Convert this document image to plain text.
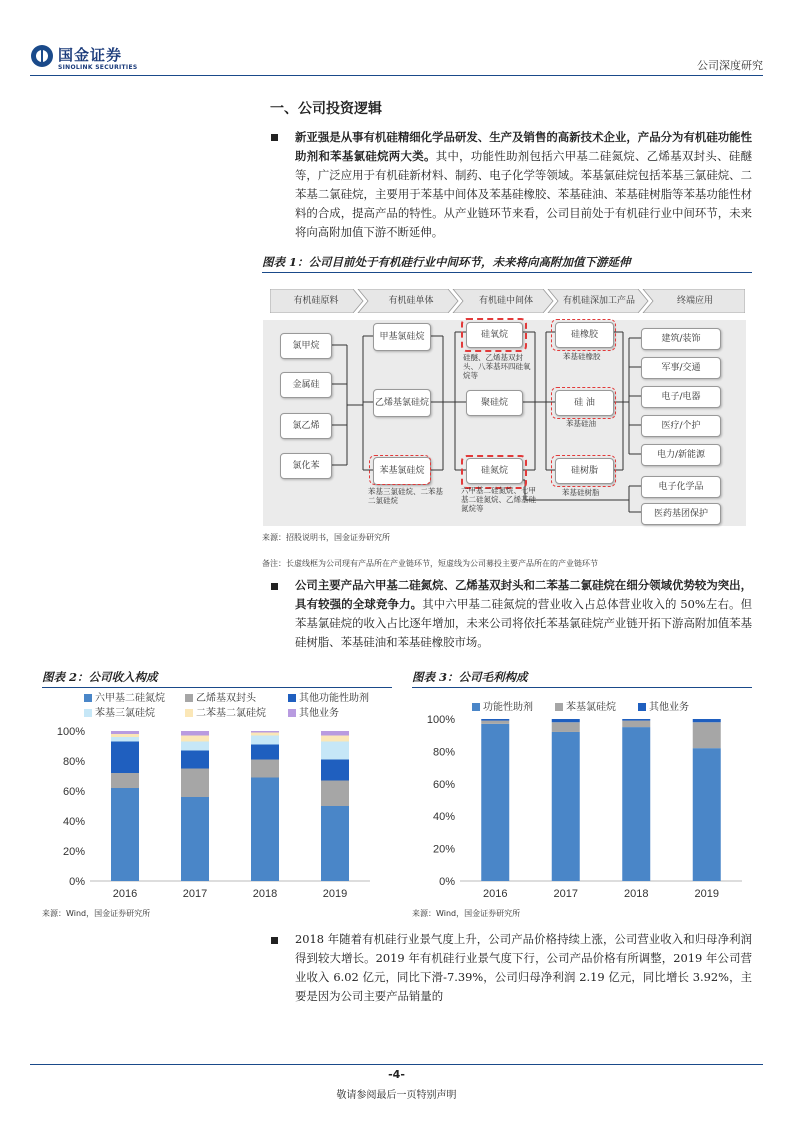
国金证券
SINOLINK SECURITIES	公司深度研究
一、公司投资逻辑
新亚强是从事有机硅精细化学品研发、生产及销售的高新技术企业，产品分为有机硅功能性助剂和苯基氯硅烷两大类。其中，功能性助剂包括六甲基二硅氮烷、乙烯基双封头、硅醚等，广泛应用于有机硅新材料、制药、电子化学等领域。苯基氯硅烷包括苯基三氯硅烷、二苯基二氯硅烷，主要用于苯基中间体及苯基硅橡胶、苯基硅油、苯基硅树脂等苯基功能性材料的合成，提高产品的特性。从产业链环节来看，公司目前处于有机硅行业中间环节，未来将向高附加值下游不断延伸。
图表 1：公司目前处于有机硅行业中间环节，未来将向高附加值下游延伸
有机硅原料	有机硅单体	有机硅中间体	有机硅深加工产品	终端应用
氯甲烷
金属硅
氯乙烯
氯化苯
甲基氯硅烷
乙烯基氯硅烷
苯基氯硅烷
苯基三氯硅烷、二苯基二氯硅烷
硅氧烷
硅醚、乙烯基双封头、八苯基环四硅氧烷等
聚硅烷
硅氮烷
六甲基二硅氮烷、七甲基二硅氮烷、乙烯基硅氮烷等
硅橡胶
苯基硅橡胶
硅 油
苯基硅油
硅树脂
苯基硅树脂
建筑/装饰
军事/交通
电子/电器
医疗/个护
电力/新能源
电子化学品
医药基团保护
来源：招股说明书，国金证券研究所
备注：长虚线框为公司现有产品所在产业链环节，短虚线为公司募投主要产品所在的产业链环节
公司主要产品六甲基二硅氮烷、乙烯基双封头和二苯基二氯硅烷在细分领域优势较为突出，具有较强的全球竞争力。其中六甲基二硅氮烷的营业收入占总体营业收入的 50%左右。但苯基氯硅烷的收入占比逐年增加，未来公司将依托苯基氯硅烷产业链开拓下游高附加值苯基硅树脂、苯基硅油和苯基硅橡胶市场。
图表 2：公司收入构成
六甲基二硅氮烷	乙烯基双封头	其他功能性助剂
苯基三氯硅烷	二苯基二氯硅烷	其他业务
0%
20%
40%
60%
80%
100%
2016	2017	2018	2019
来源：Wind，国金证券研究所
图表 3：公司毛利构成
功能性助剂	苯基氯硅烷	其他业务
0%
20%
40%
60%
80%
100%
2016	2017	2018	2019
来源：Wind，国金证券研究所
2018 年随着有机硅行业景气度上升，公司产品价格持续上涨，公司营业收入和归母净利润得到较大增长。2019 年有机硅行业景气度下行，公司产品价格有所调整，2019 年公司营业收入 6.02 亿元，同比下滑-7.39%，公司归母净利润 2.19 亿元，同比增长 3.92%，主要是因为公司主要产品销量的
-4-
敬请参阅最后一页特别声明
